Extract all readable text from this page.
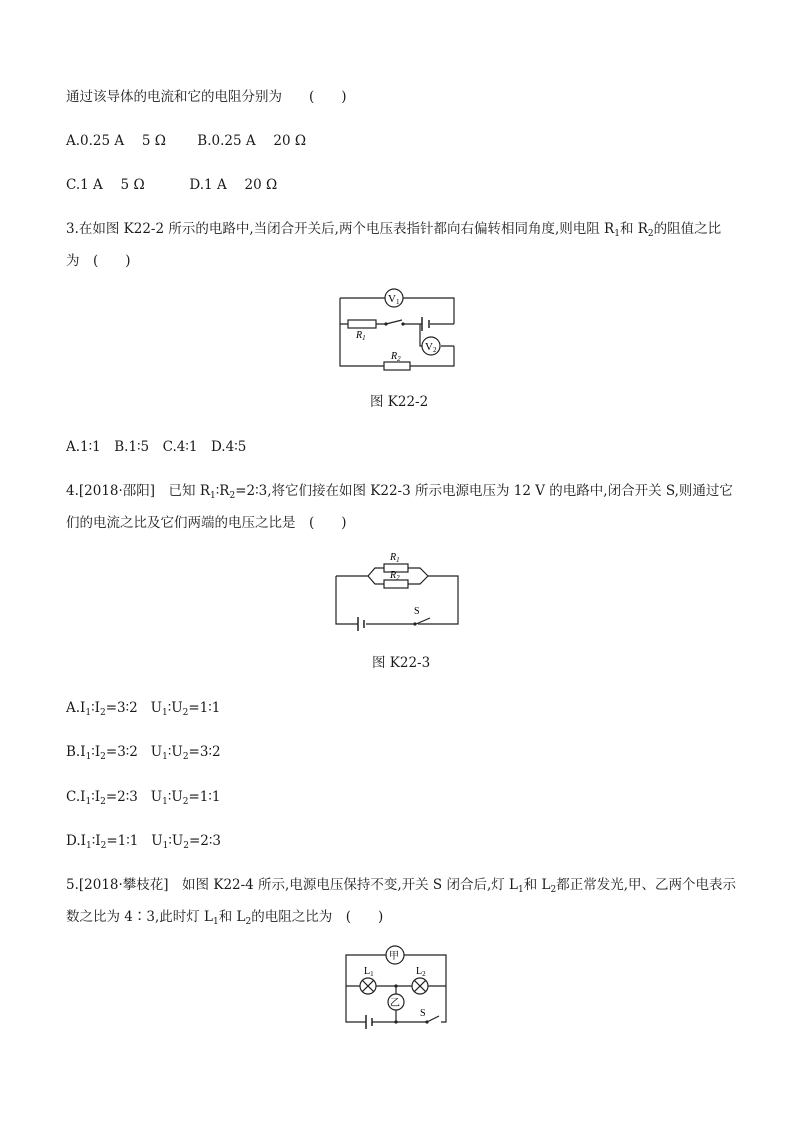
通过该导体的电流和它的电阻分别为　　(　　)
A.0.25 A　 5 Ω　　 B.0.25 A　 20 Ω
C.1 A　 5 Ω　　　 D.1 A　 20 Ω
3.在如图 K22-2 所示的电路中,当闭合开关后,两个电压表指针都向右偏转相同角度,则电阻 $R_1$和 $R_2$的阻值之比
为　(　　)
V1
V2
$R_1$
$R_2$
图 K22-2
A.1∶1　B.1∶5　C.4∶1　D.4∶5
4.[2018·邵阳]　已知 $R_1∶R_2=2∶3$,将它们接在如图 K22-3 所示电源电压为 12 V 的电路中,闭合开关 S,则通过它
们的电流之比及它们两端的电压之比是　(　　)
$R_1$
$R_2$
S
图 K22-3
$A.I_1∶I_2=3∶2$ $U_1∶U_2=1∶1$
$B.I_1∶I_2=3∶2$ $U_1∶U_2=3∶2$
$C.I_1∶I_2=2∶3$ $U_1∶U_2=1∶1$
$D.I_1∶I_2=1∶1$ $U_1∶U_2=2∶3$
5.[2018·攀枝花]　如图 K22-4 所示,电源电压保持不变,开关 S 闭合后,灯 $L_1$和 $L_2$都正常发光,甲、乙两个电表示
数之比为 4∶3,此时灯 $L_1$和 $L_2$的电阻之比为　(　　)
甲
乙
$L_1$	$L_2$
S
